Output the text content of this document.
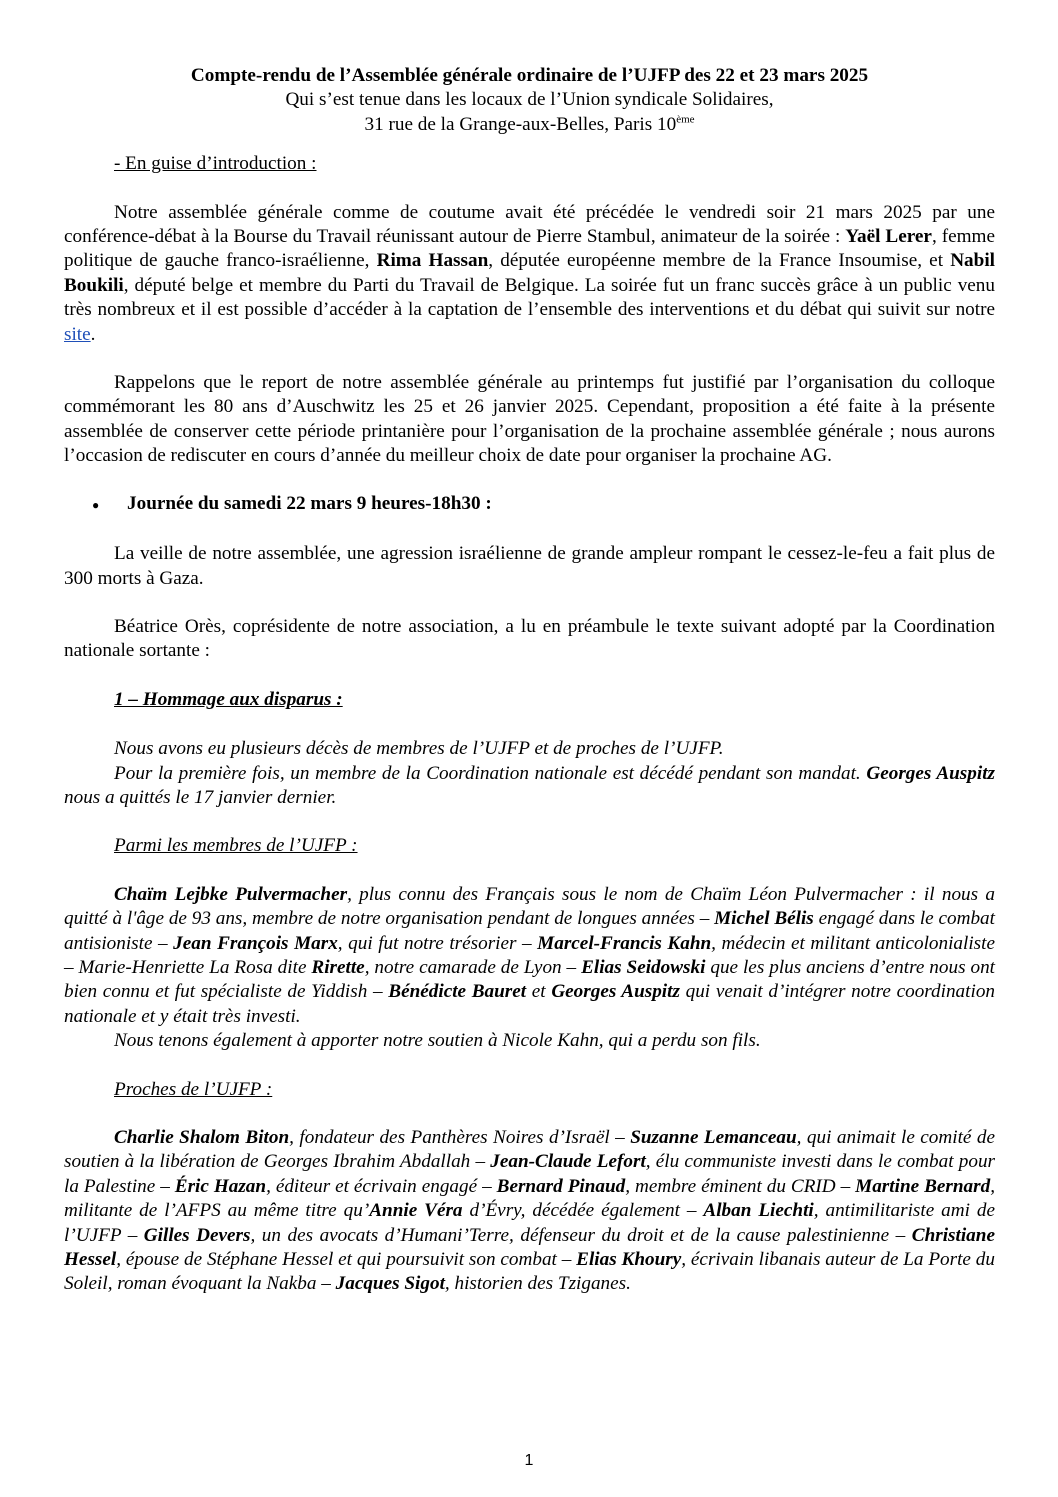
Compte-rendu de l’Assemblée générale ordinaire de l’UJFP des 22 et 23 mars 2025
Qui s’est tenue dans les locaux de l’Union syndicale Solidaires,
31 rue de la Grange-aux-Belles, Paris 10ème

- En guise d’introduction :

Notre assemblée générale comme de coutume avait été précédée le vendredi soir 21 mars 2025 par une conférence-débat à la Bourse du Travail réunissant autour de Pierre Stambul, animateur de la soirée : Yaël Lerer, femme politique de gauche franco-israélienne, Rima Hassan, députée européenne membre de la France Insoumise, et Nabil Boukili, député belge et membre du Parti du Travail de Belgique. La soirée fut un franc succès grâce à un public venu très nombreux et il est possible d’accéder à la captation de l’ensemble des interventions et du débat qui suivit sur notre site.

Rappelons que le report de notre assemblée générale au printemps fut justifié par l’organisation du colloque commémorant les 80 ans d’Auschwitz les 25 et 26 janvier 2025. Cependant, proposition a été faite à la présente assemblée de conserver cette période printanière pour l’organisation de la prochaine assemblée générale ; nous aurons l’occasion de rediscuter en cours d’année du meilleur choix de date pour organiser la prochaine AG.

●	Journée du samedi 22 mars 9 heures-18h30 :

La veille de notre assemblée, une agression israélienne de grande ampleur rompant le cessez-le-feu a fait plus de 300 morts à Gaza.

Béatrice Orès, coprésidente de notre association, a lu en préambule le texte suivant adopté par la Coordination nationale sortante :

1 – Hommage aux disparus :

Nous avons eu plusieurs décès de membres de l’UJFP et de proches de l’UJFP.

Pour la première fois, un membre de la Coordination nationale est décédé pendant son mandat. Georges Auspitz nous a quittés le 17 janvier dernier.

Parmi les membres de l’UJFP :

Chaïm Lejbke Pulvermacher, plus connu des Français sous le nom de Chaïm Léon Pulvermacher : il nous a quitté à l'âge de 93 ans, membre de notre organisation pendant de longues années – Michel Bélis engagé dans le combat antisioniste – Jean François Marx, qui fut notre trésorier – Marcel-Francis Kahn, médecin et militant anticolonialiste – Marie-Henriette La Rosa dite Rirette, notre camarade de Lyon – Elias Seidowski que les plus anciens d’entre nous ont bien connu et fut spécialiste de Yiddish – Bénédicte Bauret et Georges Auspitz qui venait d’intégrer notre coordination nationale et y était très investi.

Nous tenons également à apporter notre soutien à Nicole Kahn, qui a perdu son fils.

Proches de l’UJFP :

Charlie Shalom Biton, fondateur des Panthères Noires d’Israël – Suzanne Lemanceau, qui animait le comité de soutien à la libération de Georges Ibrahim Abdallah – Jean-Claude Lefort, élu communiste investi dans le combat pour la Palestine – Éric Hazan, éditeur et écrivain engagé – Bernard Pinaud, membre éminent du CRID – Martine Bernard, militante de l’AFPS au même titre qu’Annie Véra d’Évry, décédée également – Alban Liechti, antimilitariste ami de l’UJFP – Gilles Devers, un des avocats d’Humani’Terre, défenseur du droit et de la cause palestinienne – Christiane Hessel, épouse de Stéphane Hessel et qui poursuivit son combat – Elias Khoury, écrivain libanais auteur de La Porte du Soleil, roman évoquant la Nakba – Jacques Sigot, historien des Tziganes.

1
